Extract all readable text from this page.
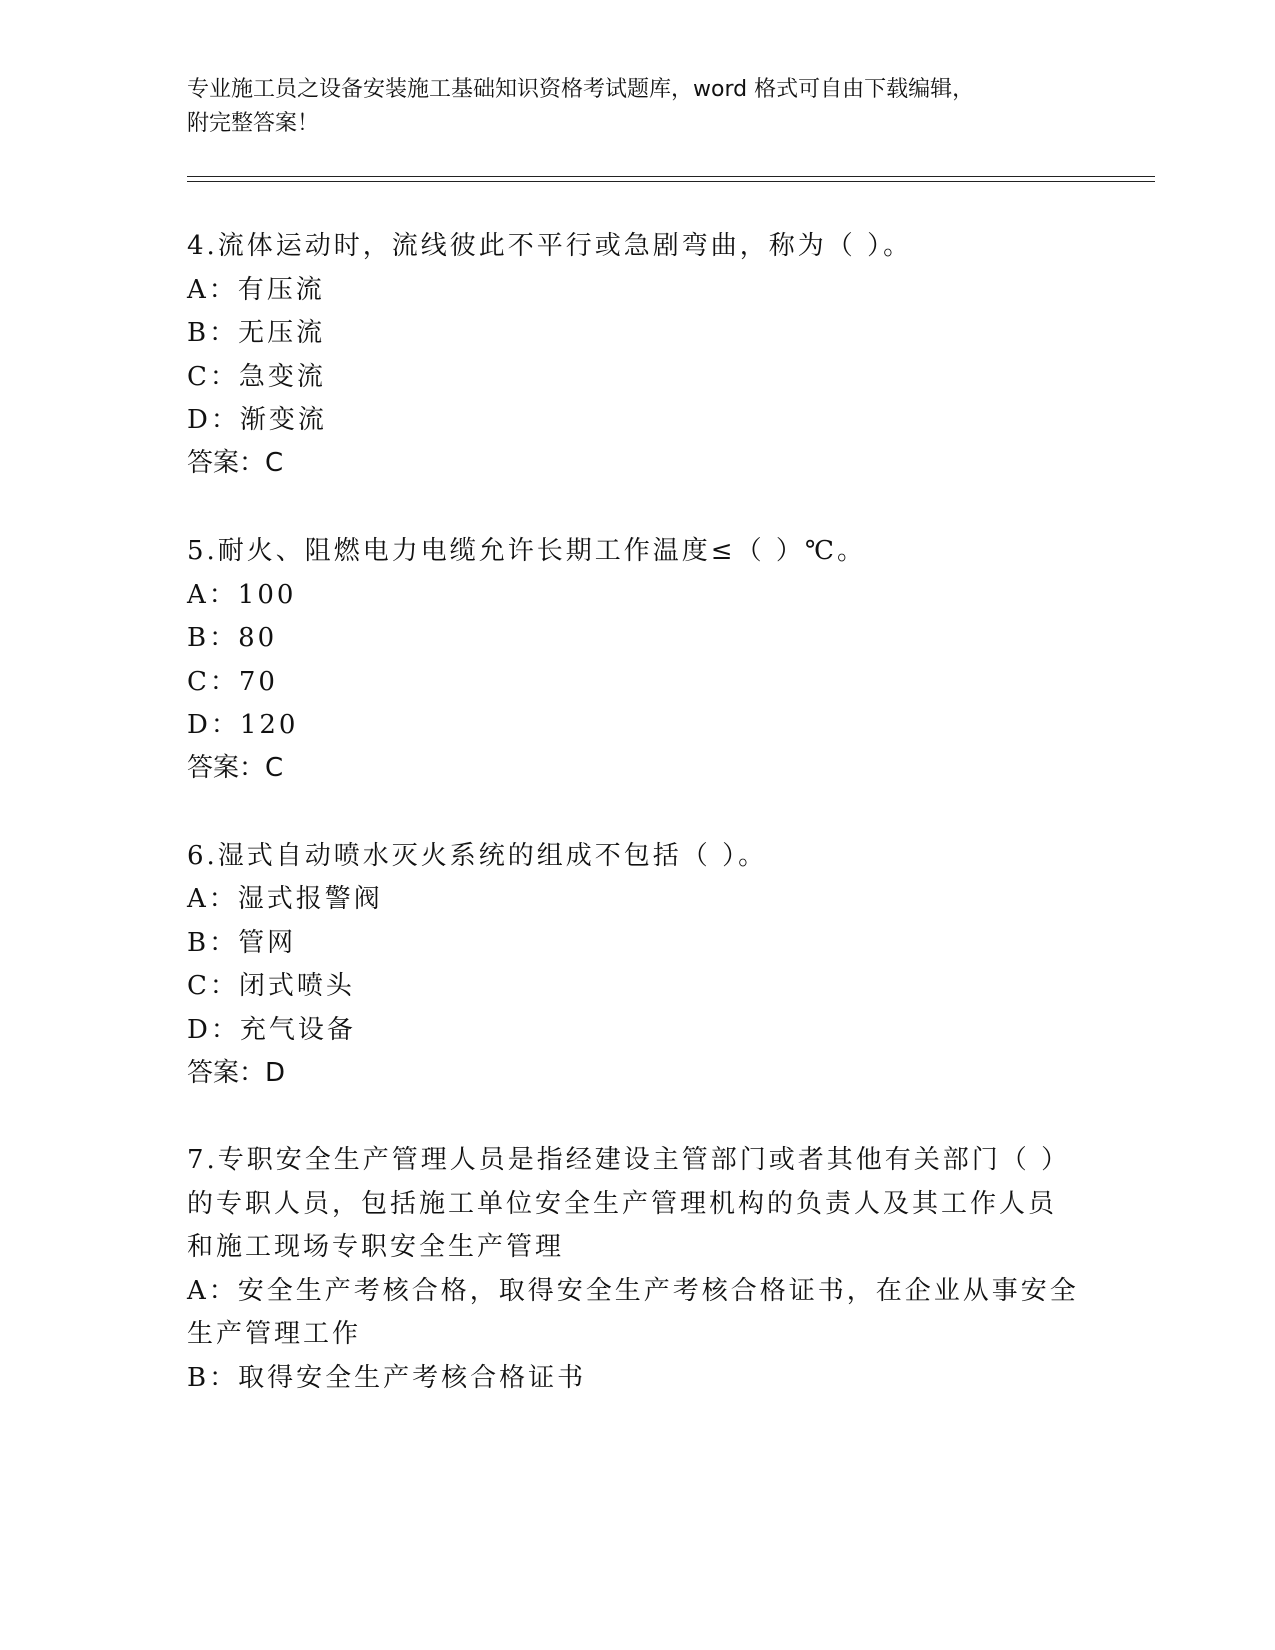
专业施工员之设备安装施工基础知识资格考试题库，word 格式可自由下载编辑，
附完整答案！
4.流体运动时，流线彼此不平行或急剧弯曲，称为（ ）。
A：有压流
B：无压流
C：急变流
D：渐变流
答案：C
5.耐火、阻燃电力电缆允许长期工作温度≤（ ）℃。
A：100
B：80
C：70
D：120
答案：C
6.湿式自动喷水灭火系统的组成不包括（ ）。
A：湿式报警阀
B：管网
C：闭式喷头
D：充气设备
答案：D
7.专职安全生产管理人员是指经建设主管部门或者其他有关部门（ ）
的专职人员，包括施工单位安全生产管理机构的负责人及其工作人员
和施工现场专职安全生产管理
A：安全生产考核合格，取得安全生产考核合格证书，在企业从事安全
生产管理工作
B：取得安全生产考核合格证书
